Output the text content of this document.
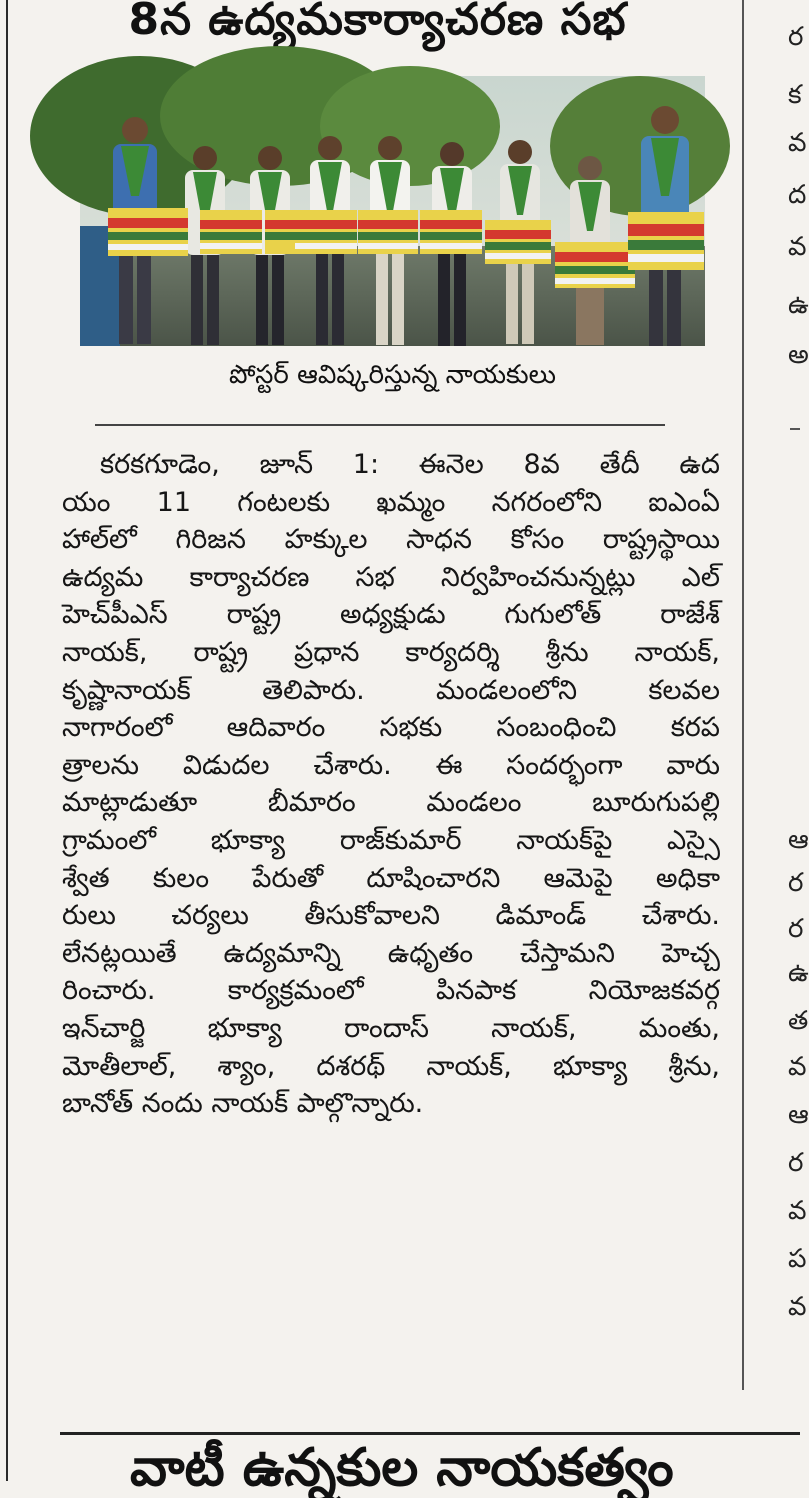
8న ఉద్యమకార్యాచరణ సభ
పోస్టర్ ఆవిష్కరిస్తున్న నాయకులు
కరకగూడెం, జూన్ 1: ఈనెల 8వ తేదీ ఉద
యం 11 గంటలకు ఖమ్మం నగరంలోని ఐఎంఏ
హాల్‌లో గిరిజన హక్కుల సాధన కోసం రాష్ట్రస్థాయి
ఉద్యమ కార్యాచరణ సభ నిర్వహించనున్నట్లు ఎల్
హెచ్‌పీఎస్ రాష్ట్ర అధ్యక్షుడు గుగులోత్ రాజేశ్
నాయక్, రాష్ట్ర ప్రధాన కార్యదర్శి శ్రీను నాయక్,
కృష్ణానాయక్ తెలిపారు. మండలంలోని కలవల
నాగారంలో ఆదివారం సభకు సంబంధించి కరప
త్రాలను విడుదల చేశారు. ఈ సందర్భంగా వారు
మాట్లాడుతూ బీమారం మండలం బూరుగుపల్లి
గ్రామంలో భూక్యా రాజ్‌కుమార్ నాయక్‌పై ఎస్సై
శ్వేత కులం పేరుతో దూషించారని ఆమెపై అధికా
రులు చర్యలు తీసుకోవాలని డిమాండ్ చేశారు.
లేనట్లయితే ఉద్యమాన్ని ఉధృతం చేస్తామని హెచ్చ
రించారు. కార్యక్రమంలో పినపాక నియోజకవర్గ
ఇన్‌చార్జి భూక్యా రాందాస్ నాయక్, మంతు,
మోతీలాల్, శ్యాం, దశరథ్ నాయక్, భూక్యా శ్రీను,
బానోత్ నందు నాయక్ పాల్గొన్నారు.
ర
క
వ
ద
వ
ఉ
అ
ఆ
ర
ర
ఉ
త
వ
ఆ
ర
వ
ప
వ
వాటీ ఉన్నకుల నాయకత్వం
